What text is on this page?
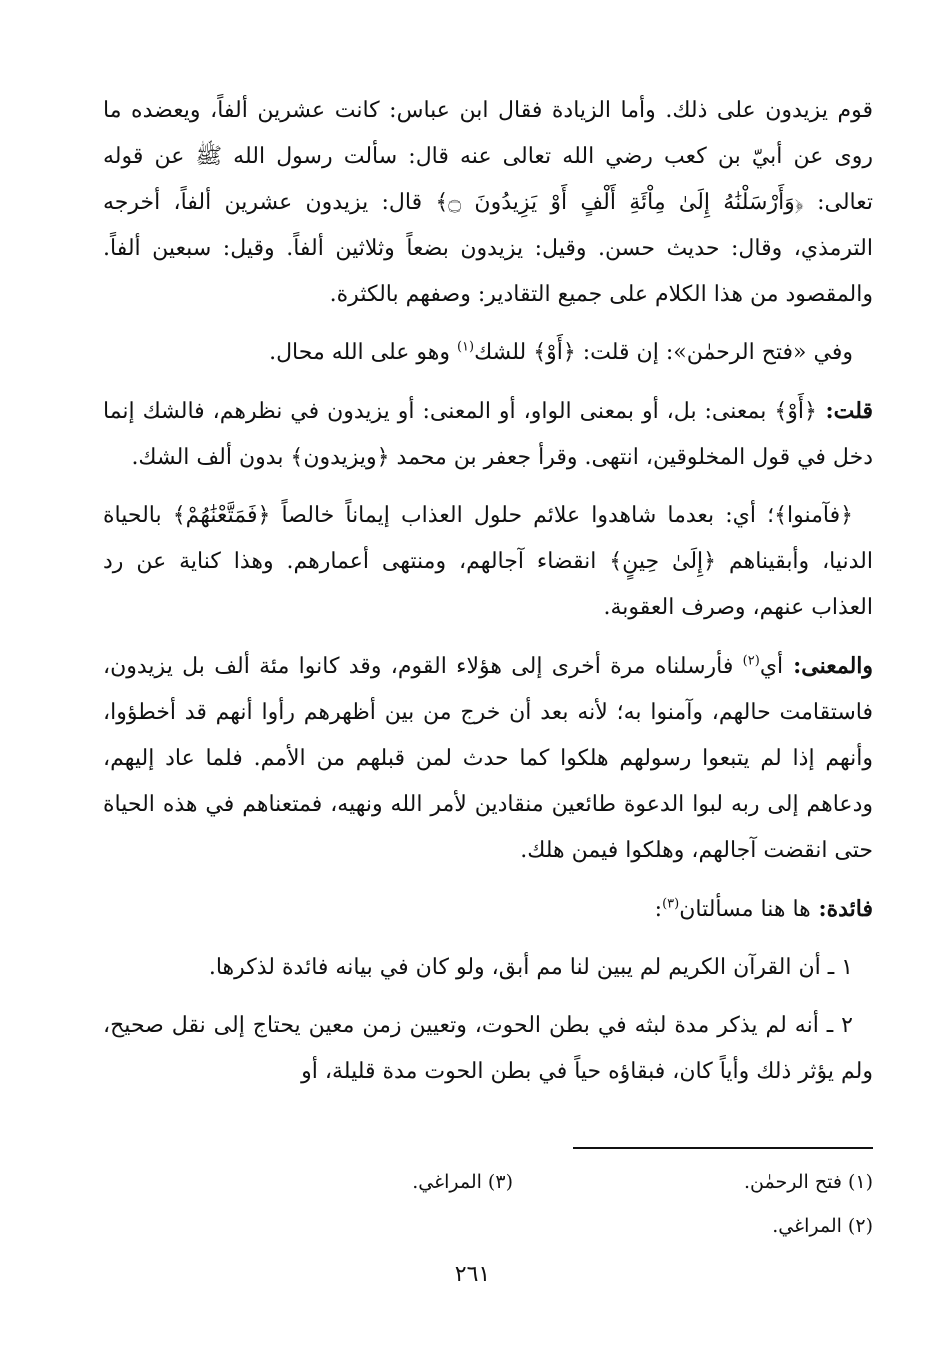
قوم يزيدون على ذلك. وأما الزيادة فقال ابن عباس: كانت عشرين ألفاً، ويعضده ما روى عن أبيّ بن كعب رضي الله تعالى عنه قال: سألت رسول الله ﷺ عن قوله تعالى: ﴿وَأَرْسَلْنَٰهُ إِلَىٰ مِاْئَةِ أَلْفٍ أَوْ يَزِيدُونَ ۝﴾ قال: يزيدون عشرين ألفاً، أخرجه الترمذي، وقال: حديث حسن. وقيل: يزيدون بضعاً وثلاثين ألفاً. وقيل: سبعين ألفاً. والمقصود من هذا الكلام على جميع التقادير: وصفهم بالكثرة.

وفي «فتح الرحمٰن»: إن قلت: ﴿أَوْ﴾ للشك$^{(١)}$ وهو على الله محال.

قلت: ﴿أَوْ﴾ بمعنى: بل، أو بمعنى الواو، أو المعنى: أو يزيدون في نظرهم، فالشك إنما دخل في قول المخلوقين، انتهى. وقرأ جعفر بن محمد ﴿ويزيدون﴾ بدون ألف الشك.

﴿فآمنوا﴾؛ أي: بعدما شاهدوا علائم حلول العذاب إيماناً خالصاً ﴿فَمَتَّعْنَٰهُمْ﴾ بالحياة الدنيا، وأبقيناهم ﴿إِلَىٰ حِينٍ﴾ انقضاء آجالهم، ومنتهى أعمارهم. وهذا كناية عن رد العذاب عنهم، وصرف العقوبة.

والمعنى: أي$^{(٢)}$ فأرسلناه مرة أخرى إلى هؤلاء القوم، وقد كانوا مئة ألف بل يزيدون، فاستقامت حالهم، وآمنوا به؛ لأنه بعد أن خرج من بين أظهرهم رأوا أنهم قد أخطؤوا، وأنهم إذا لم يتبعوا رسولهم هلكوا كما حدث لمن قبلهم من الأمم. فلما عاد إليهم، ودعاهم إلى ربه لبوا الدعوة طائعين منقادين لأمر الله ونهيه، فمتعناهم في هذه الحياة حتى انقضت آجالهم، وهلكوا فيمن هلك.

فائدة: ها هنا مسألتان$^{(٣)}$:

١ ـ أن القرآن الكريم لم يبين لنا مم أبق، ولو كان في بيانه فائدة لذكرها.

٢ ـ أنه لم يذكر مدة لبثه في بطن الحوت، وتعيين زمن معين يحتاج إلى نقل صحيح، ولم يؤثر ذلك وأياً كان، فبقاؤه حياً في بطن الحوت مدة قليلة، أو

(١) فتح الرحمٰن.
(٣) المراغي.
(٢) المراغي.
٢٦١
